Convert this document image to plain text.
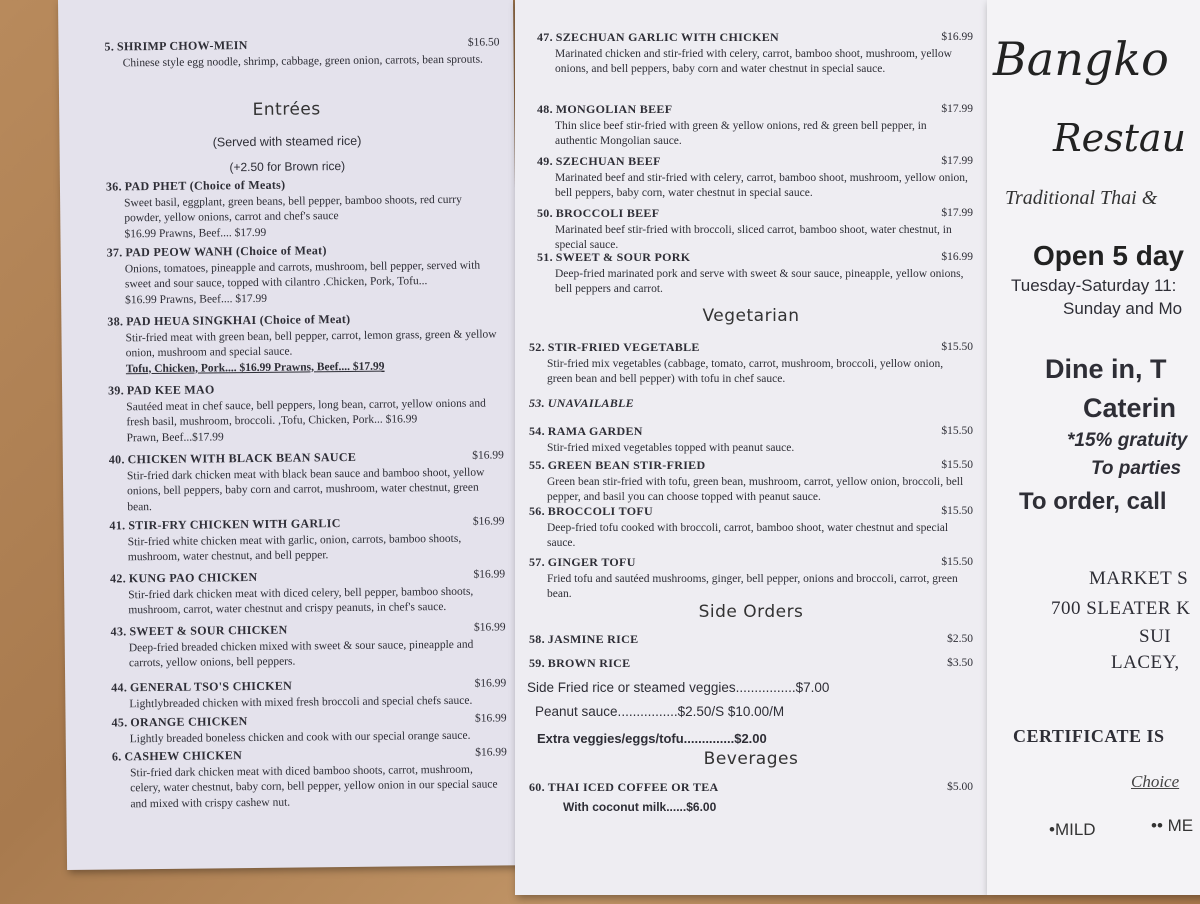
5. SHRIMP CHOW-MEIN	$16.50
Chinese style egg noodle, shrimp, cabbage, green onion, carrots, bean sprouts.
Entrées
(Served with steamed rice)
(+2.50 for Brown rice)
36. PAD PHET (Choice of Meats)
Sweet basil, eggplant, green beans, bell pepper, bamboo shoots, red curry powder, yellow onions, carrot and chef's sauce
$16.99 Prawns, Beef.... $17.99
37. PAD PEOW WANH (Choice of Meat)
Onions, tomatoes, pineapple and carrots, mushroom, bell pepper, served with sweet and sour sauce, topped with cilantro .Chicken, Pork, Tofu...
$16.99 Prawns, Beef.... $17.99
38. PAD HEUA SINGKHAI (Choice of Meat)
Stir-fried meat with green bean, bell pepper, carrot, lemon grass, green & yellow onion, mushroom and special sauce.
Tofu, Chicken, Pork.... $16.99 Prawns, Beef.... $17.99
39. PAD KEE MAO
Sautéed meat in chef sauce, bell peppers, long bean, carrot, yellow onions and fresh basil, mushroom, broccoli. ,Tofu, Chicken, Pork... $16.99
Prawn, Beef...$17.99
40. CHICKEN WITH BLACK BEAN SAUCE	$16.99
Stir-fried dark chicken meat with black bean sauce and bamboo shoot, yellow onions, bell peppers, baby corn and carrot, mushroom, water chestnut, green bean.
41. STIR-FRY CHICKEN WITH GARLIC	$16.99
Stir-fried white chicken meat with garlic, onion, carrots, bamboo shoots, mushroom, water chestnut, and bell pepper.
42. KUNG PAO CHICKEN	$16.99
Stir-fried dark chicken meat with diced celery, bell pepper, bamboo shoots, mushroom, carrot, water chestnut and crispy peanuts, in chef's sauce.
43. SWEET & SOUR CHICKEN	$16.99
Deep-fried breaded chicken mixed with sweet & sour sauce, pineapple and carrots, yellow onions, bell peppers.
44. GENERAL TSO'S CHICKEN	$16.99
Lightlybreaded chicken with mixed fresh broccoli and special chefs sauce.
45. ORANGE CHICKEN	$16.99
Lightly breaded boneless chicken and cook with our special orange sauce.
6. CASHEW CHICKEN	$16.99
Stir-fried dark chicken meat with diced bamboo shoots, carrot, mushroom, celery, water chestnut, baby corn, bell pepper, yellow onion in our special sauce and mixed with crispy cashew nut.
47. SZECHUAN GARLIC WITH CHICKEN	$16.99
Marinated chicken and stir-fried with celery, carrot, bamboo shoot, mushroom, yellow onions, and bell peppers, baby corn and water chestnut in special sauce.
48. MONGOLIAN BEEF	$17.99
Thin slice beef stir-fried with green & yellow onions, red & green bell pepper, in authentic Mongolian sauce.
49. SZECHUAN BEEF	$17.99
Marinated beef and stir-fried with celery, carrot, bamboo shoot, mushroom, yellow onion, bell peppers, baby corn, water chestnut in special sauce.
50. BROCCOLI BEEF	$17.99
Marinated beef stir-fried with broccoli, sliced carrot, bamboo shoot, water chestnut, in special sauce.
51. SWEET & SOUR PORK	$16.99
Deep-fried marinated pork and serve with sweet & sour sauce, pineapple, yellow onions, bell peppers and carrot.
Vegetarian
52. STIR-FRIED VEGETABLE	$15.50
Stir-fried mix vegetables (cabbage, tomato, carrot, mushroom, broccoli, yellow onion, green bean and bell pepper) with tofu in chef sauce.
53. UNAVAILABLE
54. RAMA GARDEN	$15.50
Stir-fried mixed vegetables topped with peanut sauce.
55. GREEN BEAN STIR-FRIED	$15.50
Green bean stir-fried with tofu, green bean, mushroom, carrot, yellow onion, broccoli, bell pepper, and basil you can choose topped with peanut sauce.
56. BROCCOLI TOFU	$15.50
Deep-fried tofu cooked with broccoli, carrot, bamboo shoot, water chestnut and special sauce.
57. GINGER TOFU	$15.50
Fried tofu and sautéed mushrooms, ginger, bell pepper, onions and broccoli, carrot, green bean.
Side Orders
58. JASMINE RICE	$2.50
59. BROWN RICE	$3.50
Side Fried rice or steamed veggies................$7.00
Peanut sauce................$2.50/S $10.00/M
Extra veggies/eggs/tofu..............$2.00
Beverages
60. THAI ICED COFFEE OR TEA	$5.00
With coconut milk......$6.00
Bangko
Restau
Traditional Thai &
Open 5 day
Tuesday-Saturday 11:
Sunday and Mo
Dine in, T
Caterin
*15% gratuity
To parties
To order, call
MARKET S
700 SLEATER K
SUI
LACEY,
CERTIFICATE IS
Choice
•MILD	•• ME
